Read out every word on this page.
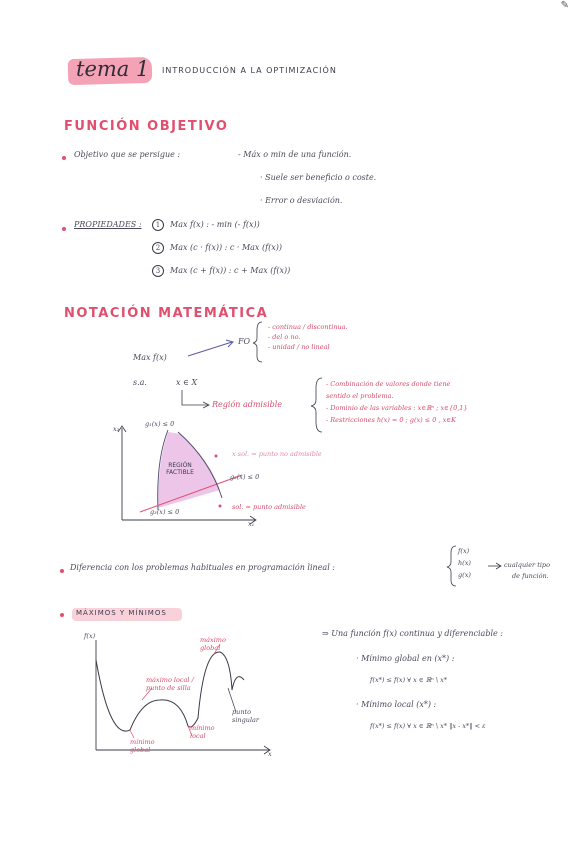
✎
tema 1 INTRODUCCIÓN A LA OPTIMIZACIÓN
FUNCIÓN OBJETIVO
Objetivo que se persigue :	- Máx o min de una función.
· Suele ser beneficio o coste.
· Error o desviación.
PROPIEDADES :	1 Max f(x) : - min (- f(x))
2 Max (c · f(x)) : c · Max (f(x))
3 Max (c + f(x)) : c + Max (f(x))
NOTACIÓN MATEMÁTICA
Max f(x)
FO
- continua / discontinua.
- del o no.
- unidad / no lineal
s.a.	x ∈ X
Región admisible
- Combinación de valores donde tiene
sentido el problema.
- Dominio de las variables : x∈ℝⁿ ; x∈{0,1}
- Restricciones h(x) = 0 ; g(x) ≤ 0 , x∈K
x₂
x₁
g₁(x) ≤ 0
g₂(x) ≤ 0
g₃(x) ≤ 0
REGIÓN FACTIBLE
x sol. = punto no admisible
sol. = punto admisible
Diferencia con los problemas habituales en programación lineal :
f(x)
h(x)
g(x)
cualquier tipo
de función.
MÁXIMOS Y MÍNIMOS
f(x)
x
máximo global
máximo local / punto de silla
mínimo global
mínimo local
punto singular
⇒ Una función f(x) continua y diferenciable :
· Mínimo global en (x*) :
f(x*) ≤ f(x) ∀ x ∈ ℝⁿ \ x*
· Mínimo local (x*) :
f(x*) ≤ f(x) ∀ x ∈ ℝⁿ \ x* ‖x - x*‖ < ε
